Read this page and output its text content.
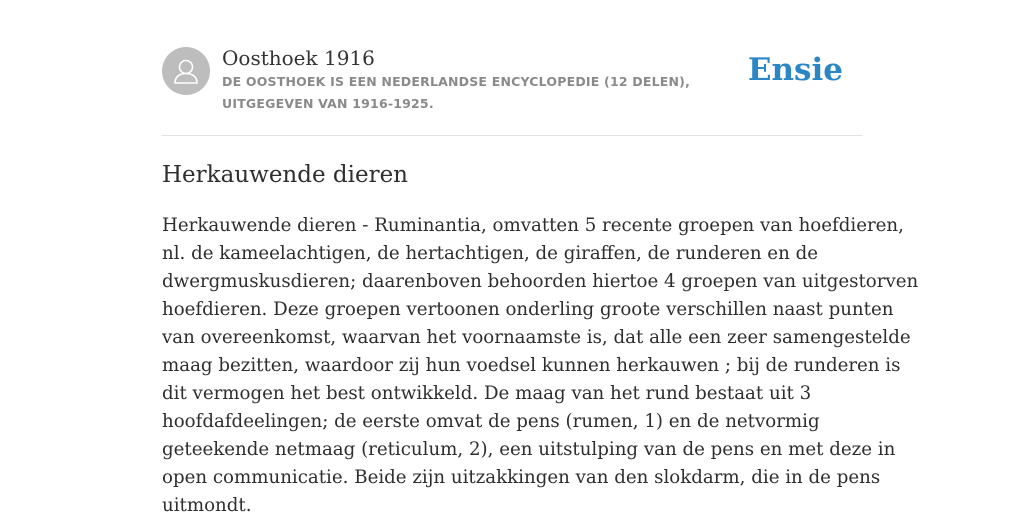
Oosthoek 1916
DE OOSTHOEK IS EEN NEDERLANDSE ENCYCLOPEDIE (12 DELEN), UITGEGEVEN VAN 1916-1925.
Ensie
Herkauwende dieren

Herkauwende dieren - Ruminantia, omvatten 5 recente groepen van hoefdieren,
nl. de kameelachtigen, de hertachtigen, de giraffen, de runderen en de
dwergmuskusdieren; daarenboven behoorden hiertoe 4 groepen van uitgestorven
hoefdieren. Deze groepen vertoonen onderling groote verschillen naast punten
van overeenkomst, waarvan het voornaamste is, dat alle een zeer samengestelde
maag bezitten, waardoor zij hun voedsel kunnen herkauwen ; bij de runderen is
dit vermogen het best ontwikkeld. De maag van het rund bestaat uit 3
hoofdafdeelingen; de eerste omvat de pens (rumen, 1) en de netvormig
geteekende netmaag (reticulum, 2), een uitstulping van de pens en met deze in
open communicatie. Beide zijn uitzakkingen van den slokdarm, die in de pens
uitmondt.
